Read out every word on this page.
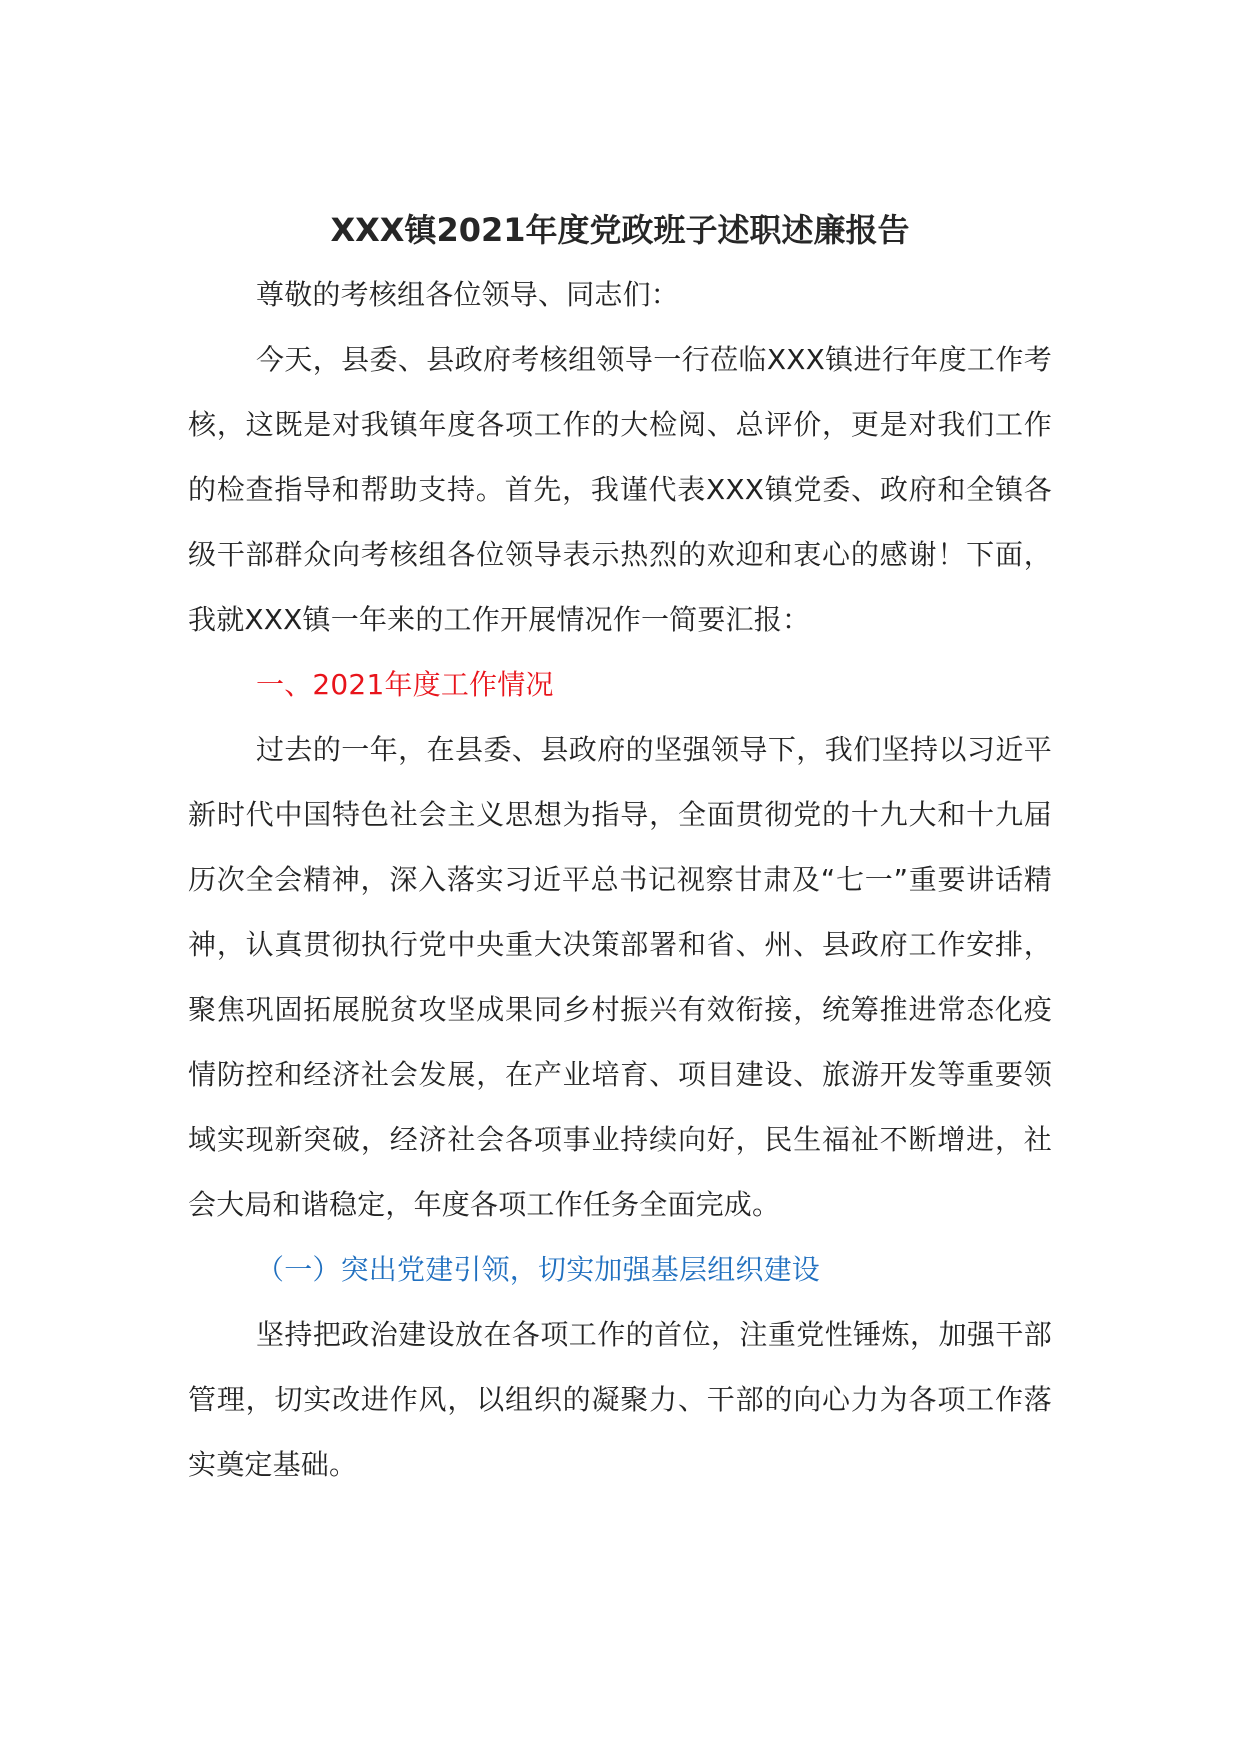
XXX镇2021年度党政班子述职述廉报告

尊敬的考核组各位领导、同志们：

今天，县委、县政府考核组领导一行莅临XXX镇进行年度工作考核，这既是对我镇年度各项工作的大检阅、总评价，更是对我们工作的检查指导和帮助支持。首先，我谨代表XXX镇党委、政府和全镇各级干部群众向考核组各位领导表示热烈的欢迎和衷心的感谢！下面，我就XXX镇一年来的工作开展情况作一简要汇报：

一、2021年度工作情况

过去的一年，在县委、县政府的坚强领导下，我们坚持以习近平新时代中国特色社会主义思想为指导，全面贯彻党的十九大和十九届历次全会精神，深入落实习近平总书记视察甘肃及“七一”重要讲话精神，认真贯彻执行党中央重大决策部署和省、州、县政府工作安排，聚焦巩固拓展脱贫攻坚成果同乡村振兴有效衔接，统筹推进常态化疫情防控和经济社会发展，在产业培育、项目建设、旅游开发等重要领域实现新突破，经济社会各项事业持续向好，民生福祉不断增进，社会大局和谐稳定，年度各项工作任务全面完成。

（一）突出党建引领，切实加强基层组织建设

坚持把政治建设放在各项工作的首位，注重党性锤炼，加强干部管理，切实改进作风，以组织的凝聚力、干部的向心力为各项工作落实奠定基础。
